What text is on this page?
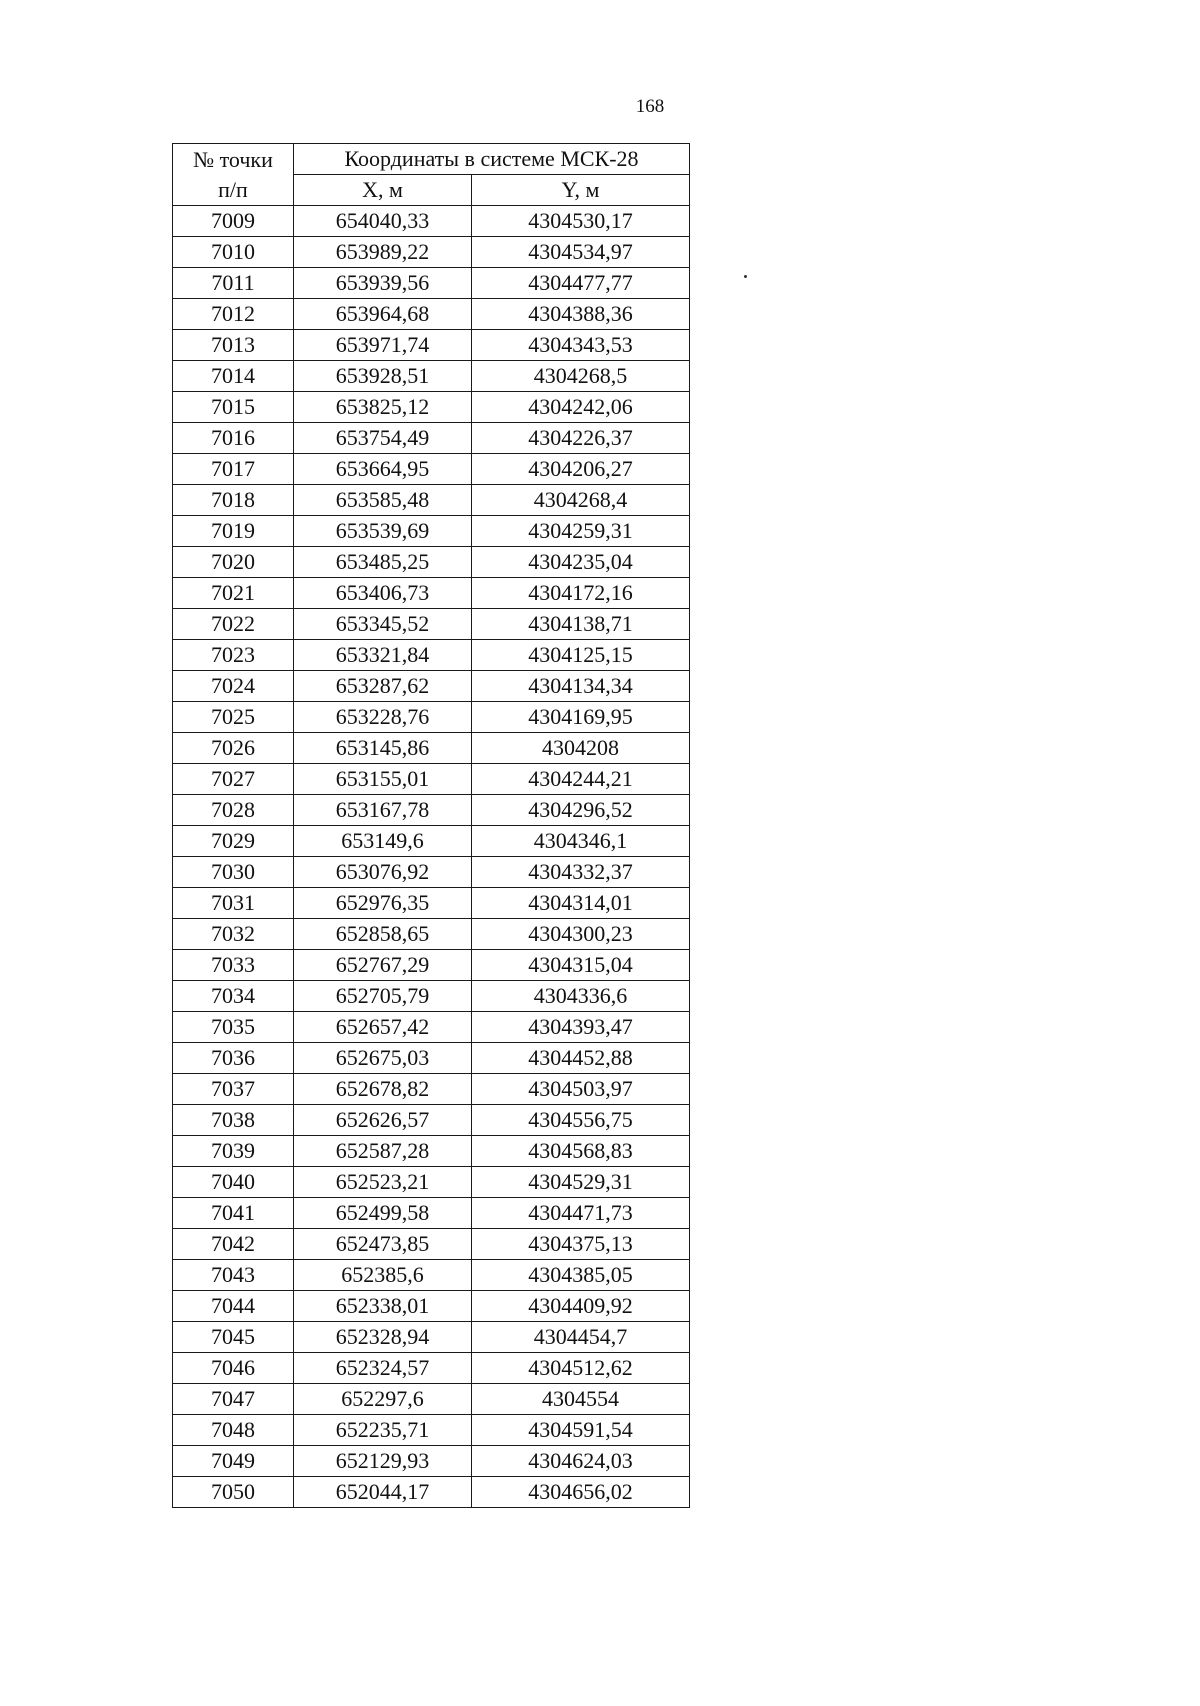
168
№ точки
п/п	Координаты в системе МСК-28	
	X, м	Y, м
7009	654040,33	4304530,17
7010	653989,22	4304534,97
7011	653939,56	4304477,77
7012	653964,68	4304388,36
7013	653971,74	4304343,53
7014	653928,51	4304268,5
7015	653825,12	4304242,06
7016	653754,49	4304226,37
7017	653664,95	4304206,27
7018	653585,48	4304268,4
7019	653539,69	4304259,31
7020	653485,25	4304235,04
7021	653406,73	4304172,16
7022	653345,52	4304138,71
7023	653321,84	4304125,15
7024	653287,62	4304134,34
7025	653228,76	4304169,95
7026	653145,86	4304208
7027	653155,01	4304244,21
7028	653167,78	4304296,52
7029	653149,6	4304346,1
7030	653076,92	4304332,37
7031	652976,35	4304314,01
7032	652858,65	4304300,23
7033	652767,29	4304315,04
7034	652705,79	4304336,6
7035	652657,42	4304393,47
7036	652675,03	4304452,88
7037	652678,82	4304503,97
7038	652626,57	4304556,75
7039	652587,28	4304568,83
7040	652523,21	4304529,31
7041	652499,58	4304471,73
7042	652473,85	4304375,13
7043	652385,6	4304385,05
7044	652338,01	4304409,92
7045	652328,94	4304454,7
7046	652324,57	4304512,62
7047	652297,6	4304554
7048	652235,71	4304591,54
7049	652129,93	4304624,03
7050	652044,17	4304656,02
